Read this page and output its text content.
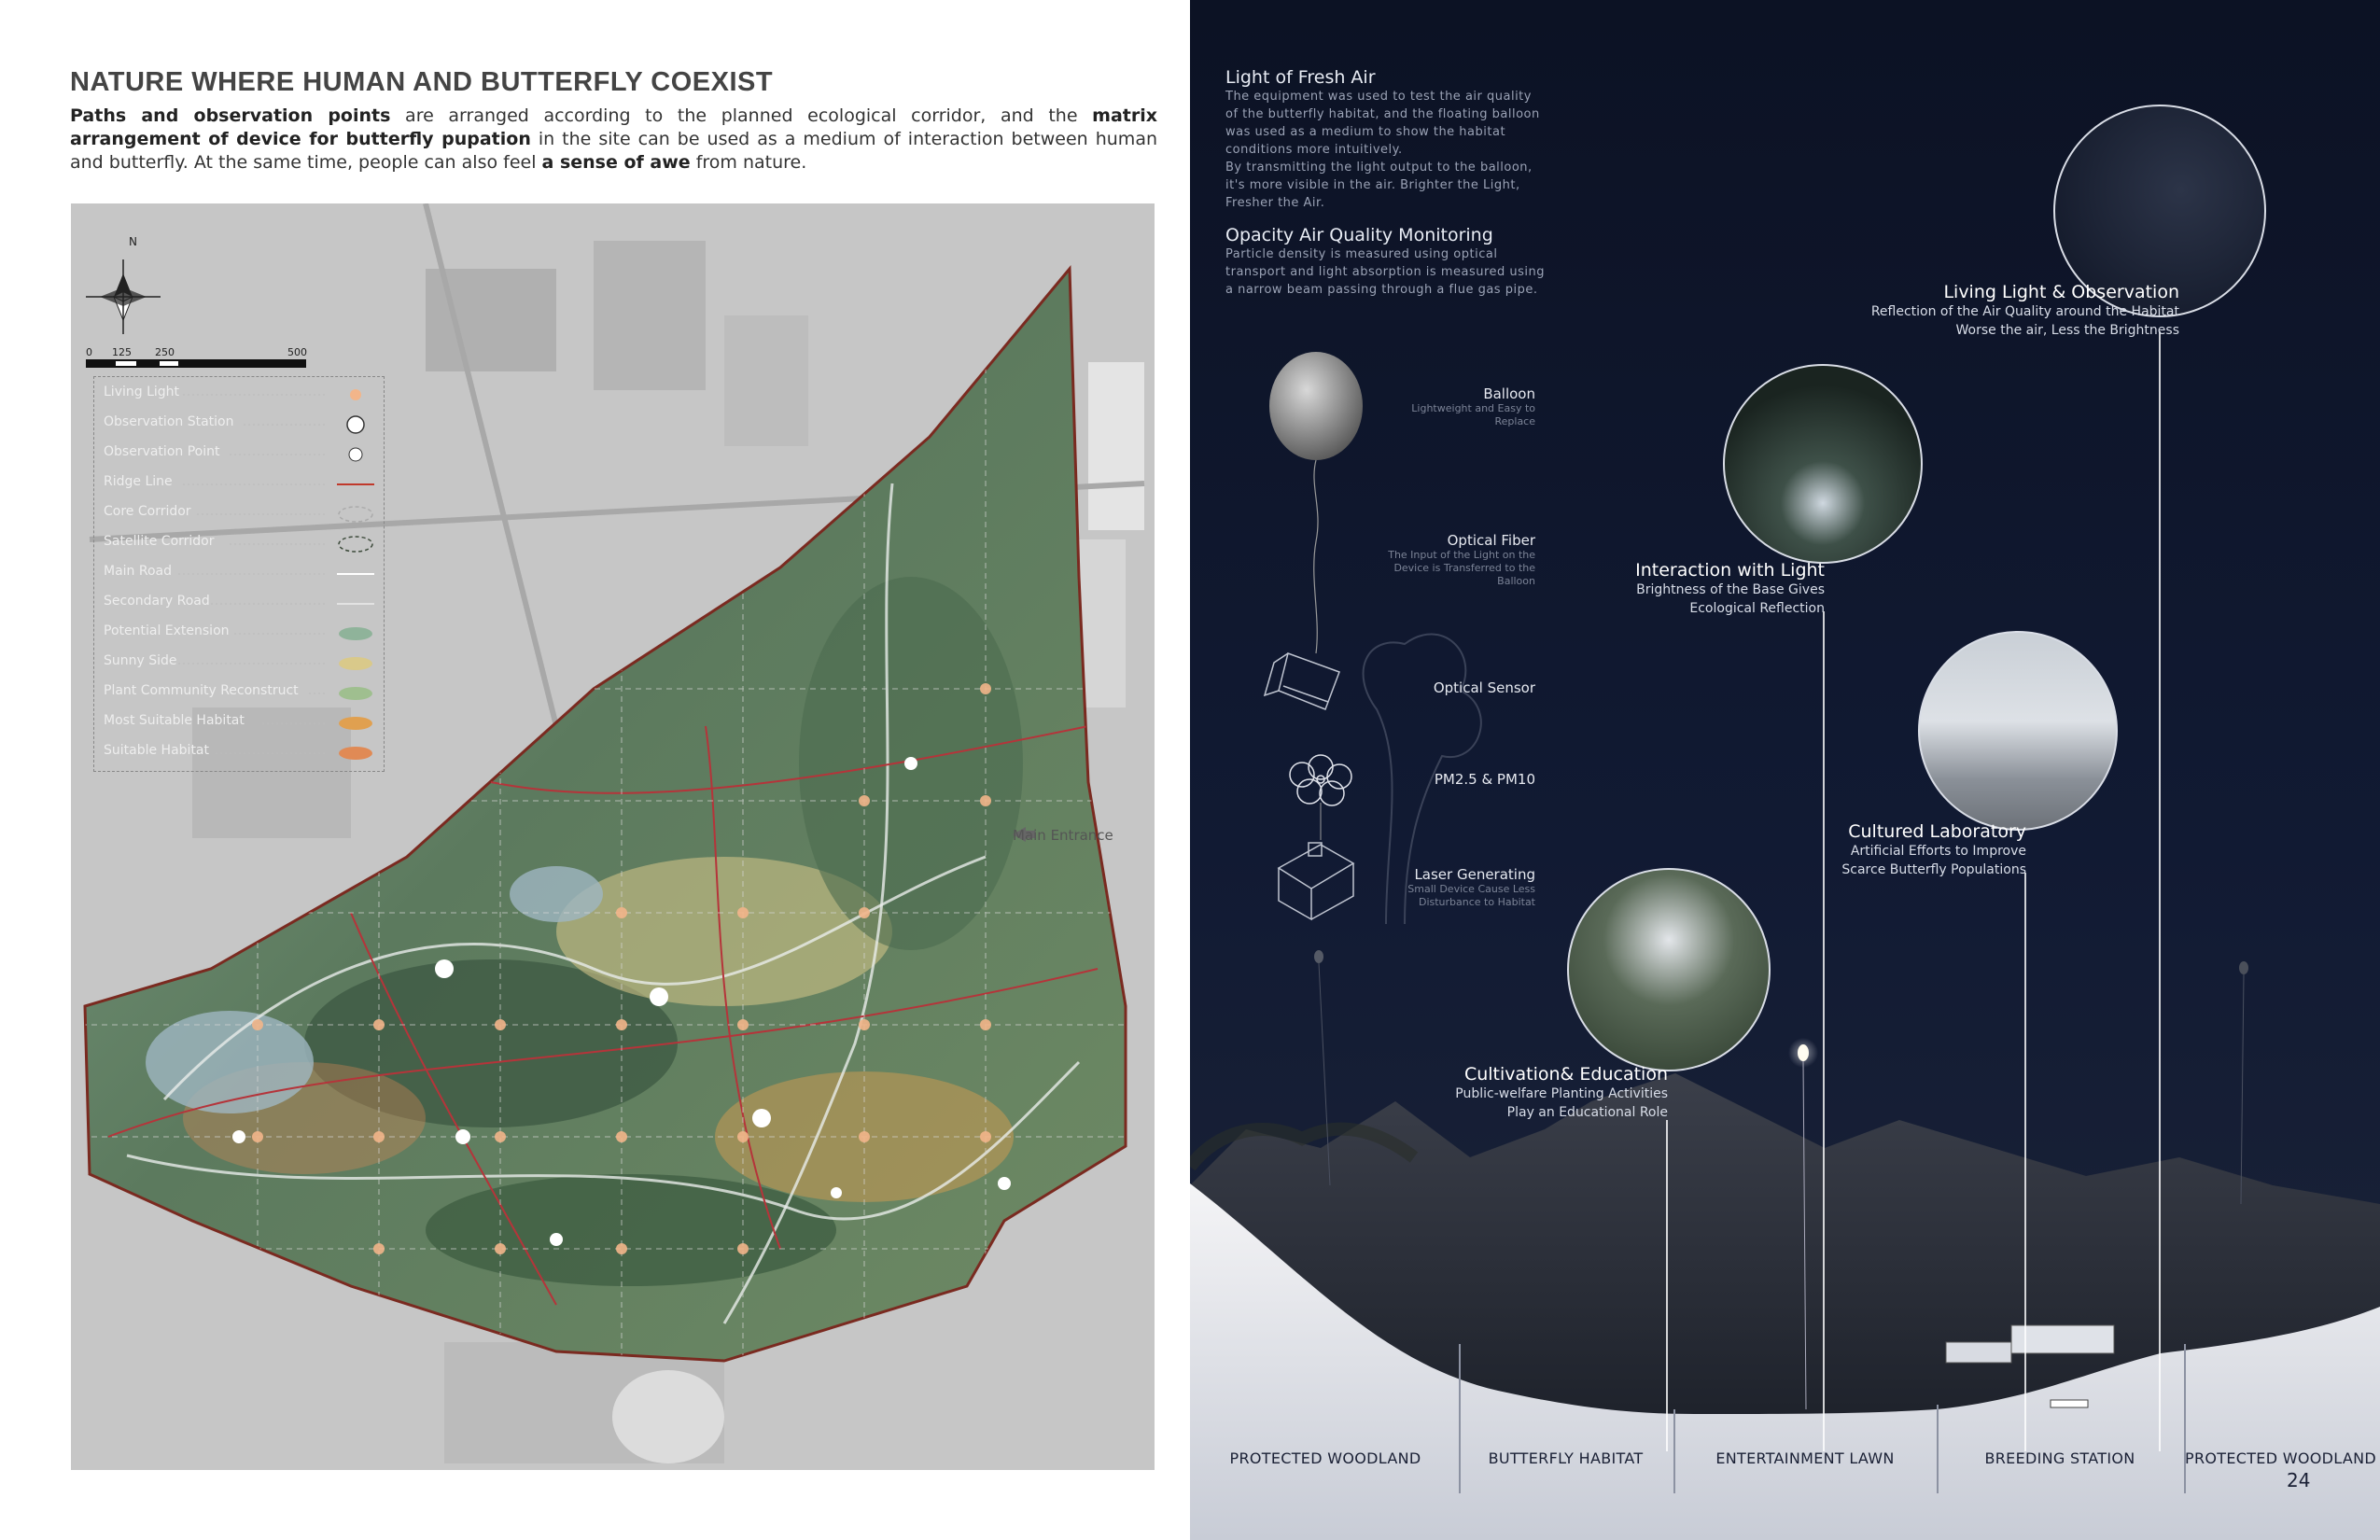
NATURE WHERE HUMAN AND BUTTERFLY COEXIST
Paths and observation points are arranged according to the planned ecological corridor, and the matrix arrangement of device for butterfly pupation in the site can be used as a medium of interaction between human and butterfly. At the same time, people can also feel a sense of awe from nature.
N
0 125 250	500
Main Entrance
Living Light
Observation Station
Observation Point
Ridge Line
Core Corridor
Satellite Corridor
Main Road
Secondary Road
Potential Extension
Sunny Side
Plant Community Reconstruct
Most Suitable Habitat
Suitable Habitat
Light of Fresh Air
The equipment was used to test the air quality
of the butterfly habitat, and the floating balloon
was used as a medium to show the habitat
conditions more intuitively.
By transmitting the light output to the balloon,
it's more visible in the air. Brighter the Light,
Fresher the Air.
Opacity Air Quality Monitoring
Particle density is measured using optical
transport and light absorption is measured using
a narrow beam passing through a flue gas pipe.
Balloon
Lightweight and Easy to Replace
Optical Fiber
The Input of the Light on the Device is Transferred to the Balloon
Optical Sensor
PM2.5 & PM10
Laser Generating
Small Device Cause Less Disturbance to Habitat
Living Light & Observation
Reflection of the Air Quality around the Habitat
Worse the air, Less the Brightness
Interaction with Light
Brightness of the Base Gives
Ecological Reflection
Cultured Laboratory
Artificial Efforts to Improve
Scarce Butterfly Populations
Cultivation& Education
Public-welfare Planting Activities
Play an Educational Role
PROTECTED WOODLAND	BUTTERFLY HABITAT	ENTERTAINMENT LAWN	BREEDING STATION	PROTECTED WOODLAND
24
